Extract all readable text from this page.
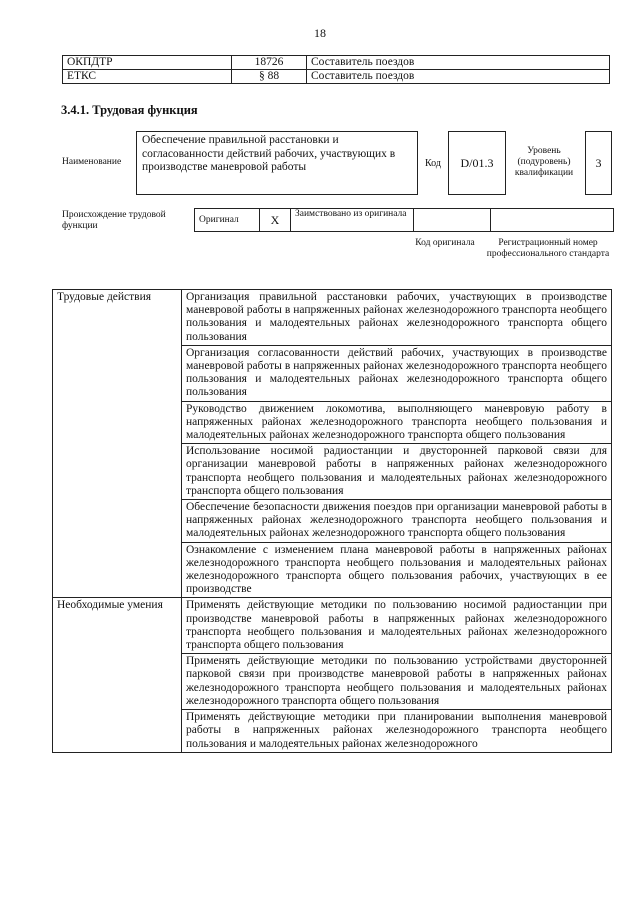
18
ОКПДТР	18726	Составитель поездов
ЕТКС	§ 88	Составитель поездов
3.4.1. Трудовая функция
Наименование
Обеспечение правильной расстановки и согласованности действий рабочих, участвующих в производстве маневровой работы	Код	D/01.3
Уровень (подуровень) квалификации
3
Происхождение трудовой функции
Оригинал	X	Заимствовано из оригинала		
Код оригинала	Регистрационный номер профессионального стандарта
Трудовые действия	Организация правильной расстановки рабочих, участвующих в производстве маневровой работы в напряженных районах железнодорожного транспорта необщего пользования и малодеятельных районах железнодорожного транспорта общего пользования
	Организация согласованности действий рабочих, участвующих в производстве маневровой работы в напряженных районах железнодорожного транспорта необщего пользования и малодеятельных районах железнодорожного транспорта общего пользования
	Руководство движением локомотива, выполняющего маневровую работу в напряженных районах железнодорожного транспорта необщего пользования и малодеятельных районах железнодорожного транспорта общего пользования
	Использование носимой радиостанции и двусторонней парковой связи для организации маневровой работы в напряженных районах железнодорожного транспорта необщего пользования и малодеятельных районах железнодорожного транспорта общего пользования
	Обеспечение безопасности движения поездов при организации маневровой работы в напряженных районах железнодорожного транспорта необщего пользования и малодеятельных районах железнодорожного транспорта общего пользования
	Ознакомление с изменением плана маневровой работы в напряженных районах железнодорожного транспорта необщего пользования и малодеятельных районах железнодорожного транспорта общего пользования рабочих, участвующих в ее производстве
Необходимые умения	Применять действующие методики по пользованию носимой радиостанции при производстве маневровой работы в напряженных районах железнодорожного транспорта необщего пользования и малодеятельных районах железнодорожного транспорта общего пользования
	Применять действующие методики по пользованию устройствами двусторонней парковой связи при производстве маневровой работы в напряженных районах железнодорожного транспорта необщего пользования и малодеятельных районах железнодорожного транспорта общего пользования
	Применять действующие методики при планировании выполнения маневровой работы в напряженных районах железнодорожного транспорта необщего пользования и малодеятельных районах железнодорожного
